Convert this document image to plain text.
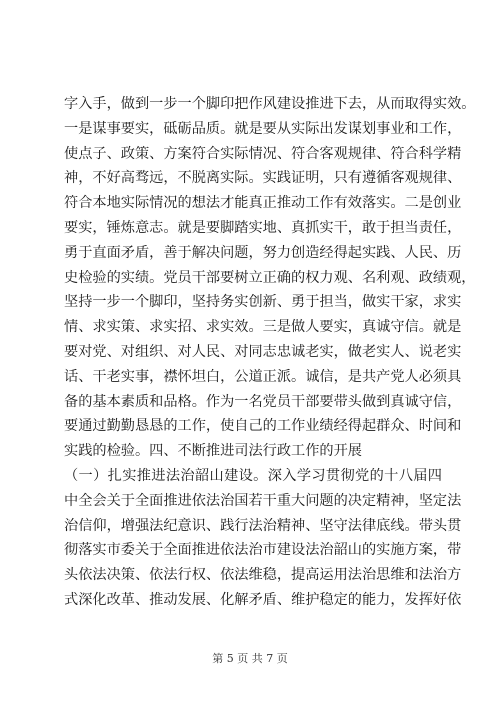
字入手，做到一步一个脚印把作风建设推进下去，从而取得实效。
一是谋事要实，砥砺品质。就是要从实际出发谋划事业和工作，
使点子、政策、方案符合实际情况、符合客观规律、符合科学精
神，不好高骛远，不脱离实际。实践证明，只有遵循客观规律、
符合本地实际情况的想法才能真正推动工作有效落实。二是创业
要实，锤炼意志。就是要脚踏实地、真抓实干，敢于担当责任，
勇于直面矛盾，善于解决问题，努力创造经得起实践、人民、历
史检验的实绩。党员干部要树立正确的权力观、名利观、政绩观，
坚持一步一个脚印，坚持务实创新、勇于担当，做实干家，求实
情、求实策、求实招、求实效。三是做人要实，真诚守信。就是
要对党、对组织、对人民、对同志忠诚老实，做老实人、说老实
话、干老实事，襟怀坦白，公道正派。诚信，是共产党人必须具
备的基本素质和品格。作为一名党员干部要带头做到真诚守信，
要通过勤勤恳恳的工作，使自己的工作业绩经得起群众、时间和
实践的检验。四、不断推进司法行政工作的开展
（一）扎实推进法治韶山建设。深入学习贯彻党的十八届四
中全会关于全面推进依法治国若干重大问题的决定精神，坚定法
治信仰，增强法纪意识、践行法治精神、坚守法律底线。带头贯
彻落实市委关于全面推进依法治市建设法治韶山的实施方案，带
头依法决策、依法行权、依法维稳，提高运用法治思维和法治方
式深化改革、推动发展、化解矛盾、维护稳定的能力，发挥好依
第 5 页 共 7 页
